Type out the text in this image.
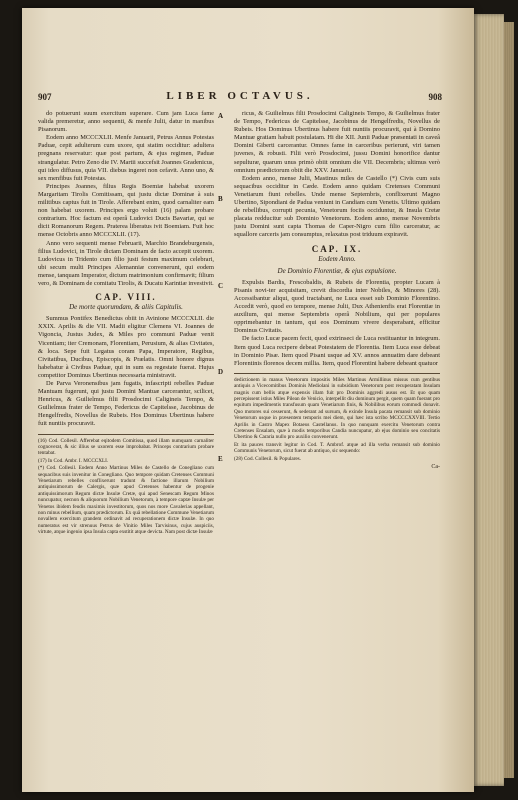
907	LIBER OCTAVUS.	908

do potuerunt suum exercitum superare. Cum jam Luca fame valida premeretur, anno sequenti, & menfe Julii, datur in manibus Pisanorum.

Eodem anno MCCCXLII. Menfe Januarii, Petrus Annus Potestas Paduæ, cepit adulterum cum uxore, qui statim occiditur: adultera pregnans reservatur: quæ post partum, & ejus regimen, Paduæ strangulatur. Petro Zeno die IV. Martii succefsit Joannes Gradenicus, qui ideo diffusus, quia VII. diebus ingeret non cefavit. Anno uno, & sex menfibus fuit Potestas.

Principes Joannes, filius Regis Boemiæ habebat uxorem Margaritam Tirolis Comitissam, qui justu dictæ Dominæ à suis militibus captus fuit in Tirole. Afferebant enim, quod carnaliter eam non habebat uxorem. Principes ergo voluit (16) palam probare contrarium. Hoc factum est operâ Ludovici Ducis Bavariæ, qui se dicit Romanorum Regem. Praterea liberatus ivit Boemiam. Fuit hoc mense Octobris anno MCCCXLII. (17).

Anno vero sequenti mense Februarii, Marchio Brandeburgensis, filius Ludovici, in Tirole dictam Dominam de facto accepit uxorem. Ludovicus in Tridento cum filio justi festum maximum celebrari, ubi secum multi Principes Alemanniæ convenerunt, qui eodem mense, tanquam Imperator, dictum matrimonium confirmavit; filium vero, & Dominam de comitatu Tirolis, & Ducatu Karintiæ investivit.

CAP. VIII.
De morte quorumdam, & aliis Capitulis.

Summus Pontifex Benedictus obiit in Avinione MCCCXLII. die XXIX. Aprilis & die VII. Madii eligitur Clemens VI. Joannes de Vigoncia, Justus Judex, & Miles pro communi Paduæ venit Vicentiam; iter Cremonam, Florentiam, Perusium, & alias Civitates, & loca. Sepe fuit Legatus coram Papa, Imperatore, Regibus, Civitatibus, Ducibus, Episcopis, & Prælatis. Omni honore dignus habebatur à Civibus Paduæ, qui in sum ea regestate fuerat. Hujus competitor Dominus Ubertinus necessaria ministravit.

De Parva Veronensibus jam fugatis, infascripti rebelles Paduæ Mantuam fugerunt, qui justu Domini Mantuæ carcerantur, scilicet, Henricus, & Guilielmus filii Prosdocimi Caligineis Tempo, & Guilielmus frater de Tempo, Federicus de Capitelsse, Jacobinus de Hengelfredis, Novellus de Rubeis. Hos Dominus Ubertinus habere fuit nuntiis procuravit.

(16) Cod. Collesil. Afferebat eqitodem Comitissa, quod illam numquam carnaliter cognoverat, & sic illius se uxorem esse improbabat. Princeps contrarium probare tentabat.

(17) In Cod. Ambr. I. MCCCXLI.

(*) Cod. Collesil. Eodem Anno Martinus Miles de Castello de Conegliano cum sequacibus suis invenitur in Conegliano. Quo tempore quidam Cretenses Communi Venetiarum rebelles conflixerunt tradunt & factione illarum Nobilium antiquissimorum de Calergis, quæ apud Cretenses habentur de progenie antiquissimorum Regum dictæ Insulæ Cretæ, qui apud Senescam Regum Minos nuncupatur, necnon & aliquorum Nobilium Venetorum, à tempore captæ Insulæ per Venetos ibidem feudis maximis investitorum, quos nos more Cavalerias appellant, non minus rebellium, quam prædictorum. Ex quâ rebellatione Commune Venetiarum novallem exercitum grandem ordinavit ad recuperationem dictæ Insulæ. In quo numeratus est vir strenuus Petrus de Vinitio Miles Tarvisinus, cujus auspiciis, virtute, atque ingenio ipsa Insula capta exstitit atque devicta. Nam post dictæ Insulæ

A
B
C
D
E

ricus, & Guilielmus filii Prosdocimi Caligineis Tempo, & Guilielmus frater de Tempo, Federicus de Capitelsse, Jacobinus de Hengelfredis, Novellus de Rubeis. Hos Dominus Ubertinus habere fuit nuntiis procuravit, qui à Domino Mantuæ gratiam habuit postulatam. Hi die XII. Junii Paduæ præsentati in caveâ Domini Giberti carcerantur. Omnes fame in carceribus perierunt, viri tamen juvenes, & robusti. Filii verò Prosdocimi, jussu Domini honorifice dantur sepulturæ, quarum unus primò obiit omnium die VII. Decembris; ultimus verò omnium prædictorum obiit die XXV. Januarii.

Eodem anno, mense Julii, Mastinus miles de Castello (*) Civis cum suis sequacibus occiditur in Cæde. Eodem anno quidam Cretenses Communi Venetiarum fiunt rebelles. Unde mense Septembris, conflixerunt Magno Ubertino, Sipondiani de Padua veniunt in Candiam cum Venetis. Ultimo quidam de rebellibus, corrupti pecunia, Venetorum fociis occiduntur, & Insula Cretæ placata redducitur sub Dominio Venetorum. Eodem anno, mense Novembris justu Domini sunt capta Thomas de Caper-Nigro cum filio carceratur, ac squallore carceris jam consumptus, relaxatus post triduum expiravit.

CAP. IX.
Eodem Anno.
De Dominio Florentiæ, & ejus expulsione.

Expulsis Bardis, Frescobaldis, & Rubeis de Florentia, propter Lucam à Pisanis novi-ter acquisitam, crevit discordia inter Nobiles, & Minores (28). Accessibantur aliqui, quod tractabant, ne Luca esset sub Dominio Florentino. Accedit verò, quod eo tempore, mense Julii, Dux Athenienfis erat Florentiæ in auxilium, qui mense Septembris operâ Nobilium, qui per populares opprimebantur in tantum, qui eos Dominum vivere desperabant, efficitur Dominus Civitatis.

De facto Lucæ pacem fecit, quod extrinseci de Luca restituantur in integrum. Item quod Luca recipere debeat Potestatem de Florentia. Item Luca esse debeat in Dominio Pisæ. Item quod Pisani usque ad XV. annos annuatim dare debeant Florentinis florenos decem millia. Item, quod Florentini habere debeant quatuor

dedictionem in manus Venetorum impositis Miles Martinus Armillinus missus cum gentibus antiquis a Vicecomitibus Dominis Mediolani in subsidium Venetorum post recuperatam Insulam magnis cum bellis atque expensis illam fuit pro Dominis aggredi ausus est. Et quo quam percepissent istius Miles Pilean de Venicio, interpellit diu dominum pergit, quem quam fuerant pro equitum impedimentis transfusum quam Venetiarum finis, & Nobilibus eorum commodi donavit. Quo motores sui cesserunt, & sederant ad sursum, & exinde Insula pacata remansit sub dominio Venetorum usque in præsentem temporis mei diem, qui hæc ista scribo MCCCCXXVIII. Tertio Aprilis in Castro Mapex Botaeus Castellanus. In quo nunquam exercitu Venetorum contra Cretenses Ensalam, quæ à modis temporibus Candia nuncupatur, ab ejus dominio seu concitatis Ubertino & Cararia nullo pro auxilio convenerunt.

Et ita pauces transvit legitur in Cod. T. Ambrof. atque ad illa verba remansit sub dominio Communis Venetorum, sicut fuerat ab antiquo, sic sequendo:

(28) Cod. Collesil. & Populares.

Ca-
